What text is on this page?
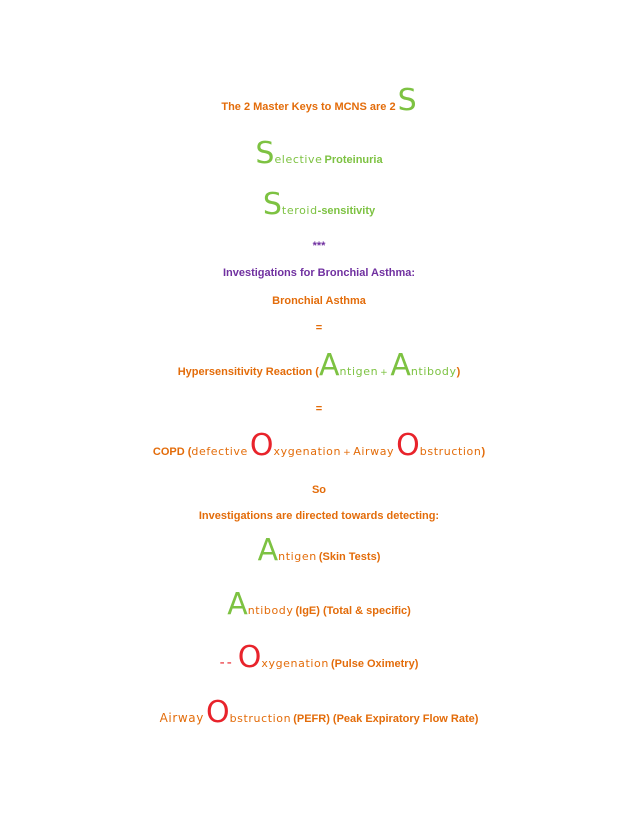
The 2 Master Keys to MCNS are 2S
Selective Proteinuria
Steroid-sensitivity
***
Investigations for Bronchial Asthma:
Bronchial Asthma
=
Hypersensitivity Reaction (Antigen +Antibody)
=
COPD (defectiveOxygenation + AirwayObstruction)
So
Investigations are directed towards detecting:
Antigen (Skin Tests)
Antibody (IgE) (Total & specific)
-- Oxygenation (Pulse Oximetry)
AirwayObstruction (PEFR) (Peak Expiratory Flow Rate)
